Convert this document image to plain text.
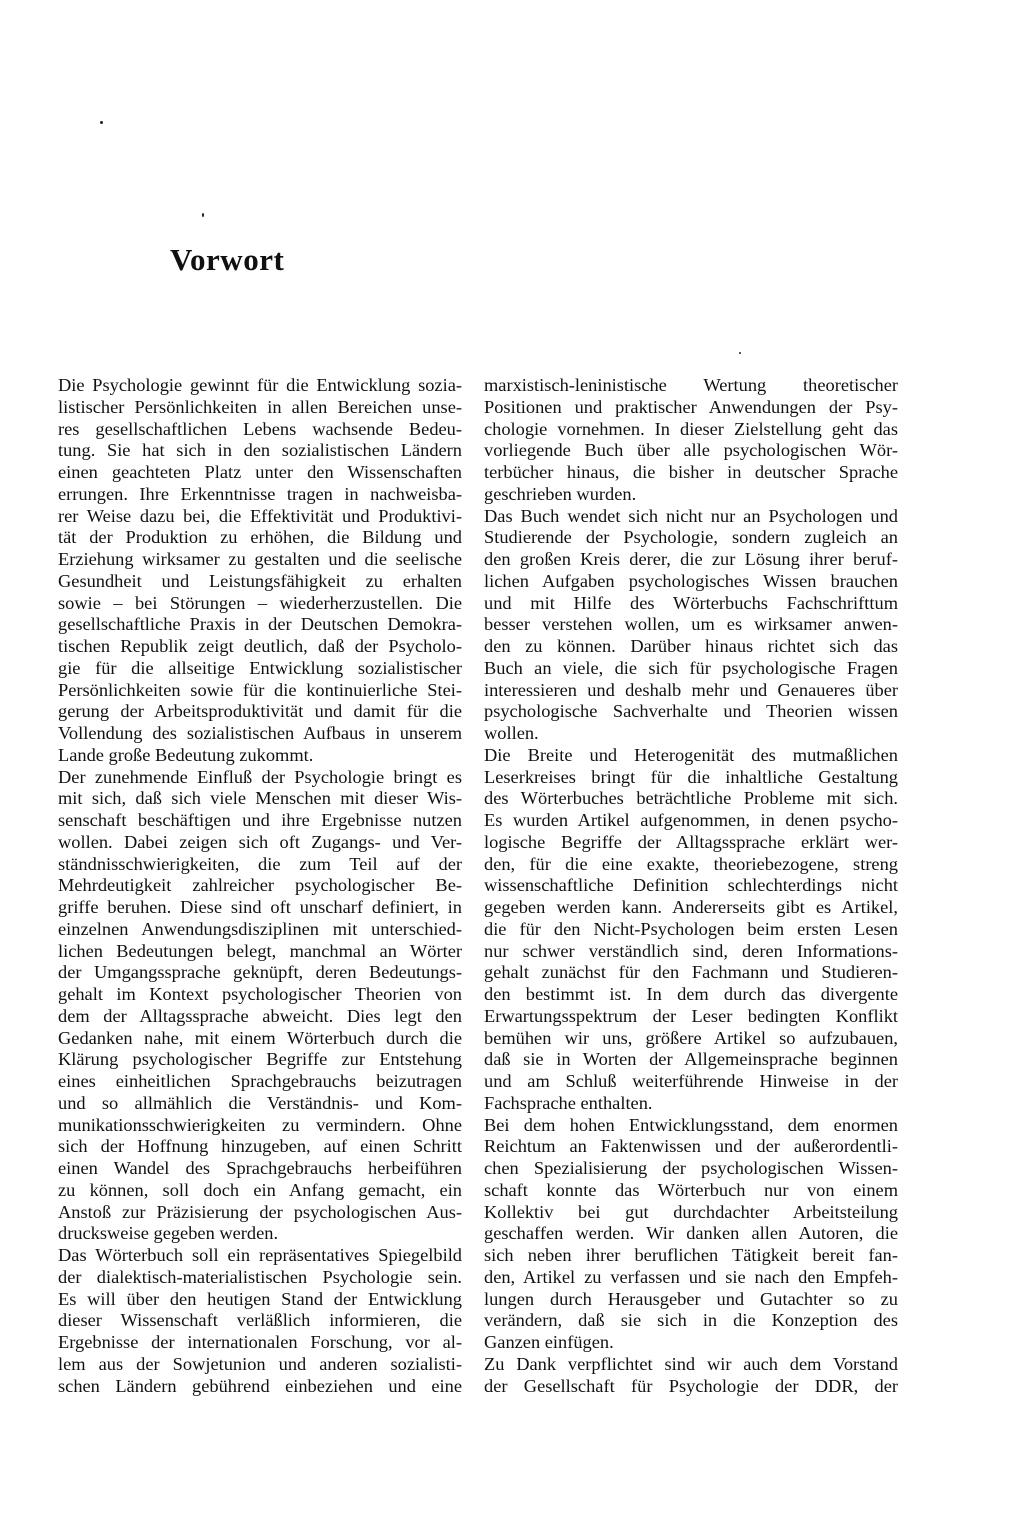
Vorwort
Die Psychologie gewinnt für die Entwicklung sozia-
listischer Persönlichkeiten in allen Bereichen unse-
res gesellschaftlichen Lebens wachsende Bedeu-
tung. Sie hat sich in den sozialistischen Ländern
einen geachteten Platz unter den Wissenschaften
errungen. Ihre Erkenntnisse tragen in nachweisba-
rer Weise dazu bei, die Effektivität und Produktivi-
tät der Produktion zu erhöhen, die Bildung und
Erziehung wirksamer zu gestalten und die seelische
Gesundheit und Leistungsfähigkeit zu erhalten
sowie – bei Störungen – wiederherzustellen. Die
gesellschaftliche Praxis in der Deutschen Demokra-
tischen Republik zeigt deutlich, daß der Psycholo-
gie für die allseitige Entwicklung sozialistischer
Persönlichkeiten sowie für die kontinuierliche Stei-
gerung der Arbeitsproduktivität und damit für die
Vollendung des sozialistischen Aufbaus in unserem
Lande große Bedeutung zukommt.
Der zunehmende Einfluß der Psychologie bringt es
mit sich, daß sich viele Menschen mit dieser Wis-
senschaft beschäftigen und ihre Ergebnisse nutzen
wollen. Dabei zeigen sich oft Zugangs- und Ver-
ständnisschwierigkeiten, die zum Teil auf der
Mehrdeutigkeit zahlreicher psychologischer Be-
griffe beruhen. Diese sind oft unscharf definiert, in
einzelnen Anwendungsdisziplinen mit unterschied-
lichen Bedeutungen belegt, manchmal an Wörter
der Umgangssprache geknüpft, deren Bedeutungs-
gehalt im Kontext psychologischer Theorien von
dem der Alltagssprache abweicht. Dies legt den
Gedanken nahe, mit einem Wörterbuch durch die
Klärung psychologischer Begriffe zur Entstehung
eines einheitlichen Sprachgebrauchs beizutragen
und so allmählich die Verständnis- und Kom-
munikationsschwierigkeiten zu vermindern. Ohne
sich der Hoffnung hinzugeben, auf einen Schritt
einen Wandel des Sprachgebrauchs herbeiführen
zu können, soll doch ein Anfang gemacht, ein
Anstoß zur Präzisierung der psychologischen Aus-
drucksweise gegeben werden.
Das Wörterbuch soll ein repräsentatives Spiegelbild
der dialektisch-materialistischen Psychologie sein.
Es will über den heutigen Stand der Entwicklung
dieser Wissenschaft verläßlich informieren, die
Ergebnisse der internationalen Forschung, vor al-
lem aus der Sowjetunion und anderen sozialisti-
schen Ländern gebührend einbeziehen und eine
marxistisch-leninistische Wertung theoretischer
Positionen und praktischer Anwendungen der Psy-
chologie vornehmen. In dieser Zielstellung geht das
vorliegende Buch über alle psychologischen Wör-
terbücher hinaus, die bisher in deutscher Sprache
geschrieben wurden.
Das Buch wendet sich nicht nur an Psychologen und
Studierende der Psychologie, sondern zugleich an
den großen Kreis derer, die zur Lösung ihrer beruf-
lichen Aufgaben psychologisches Wissen brauchen
und mit Hilfe des Wörterbuchs Fachschrifttum
besser verstehen wollen, um es wirksamer anwen-
den zu können. Darüber hinaus richtet sich das
Buch an viele, die sich für psychologische Fragen
interessieren und deshalb mehr und Genaueres über
psychologische Sachverhalte und Theorien wissen
wollen.
Die Breite und Heterogenität des mutmaßlichen
Leserkreises bringt für die inhaltliche Gestaltung
des Wörterbuches beträchtliche Probleme mit sich.
Es wurden Artikel aufgenommen, in denen psycho-
logische Begriffe der Alltagssprache erklärt wer-
den, für die eine exakte, theoriebezogene, streng
wissenschaftliche Definition schlechterdings nicht
gegeben werden kann. Andererseits gibt es Artikel,
die für den Nicht-Psychologen beim ersten Lesen
nur schwer verständlich sind, deren Informations-
gehalt zunächst für den Fachmann und Studieren-
den bestimmt ist. In dem durch das divergente
Erwartungsspektrum der Leser bedingten Konflikt
bemühen wir uns, größere Artikel so aufzubauen,
daß sie in Worten der Allgemeinsprache beginnen
und am Schluß weiterführende Hinweise in der
Fachsprache enthalten.
Bei dem hohen Entwicklungsstand, dem enormen
Reichtum an Faktenwissen und der außerordentli-
chen Spezialisierung der psychologischen Wissen-
schaft konnte das Wörterbuch nur von einem
Kollektiv bei gut durchdachter Arbeitsteilung
geschaffen werden. Wir danken allen Autoren, die
sich neben ihrer beruflichen Tätigkeit bereit fan-
den, Artikel zu verfassen und sie nach den Empfeh-
lungen durch Herausgeber und Gutachter so zu
verändern, daß sie sich in die Konzeption des
Ganzen einfügen.
Zu Dank verpflichtet sind wir auch dem Vorstand
der Gesellschaft für Psychologie der DDR, der
